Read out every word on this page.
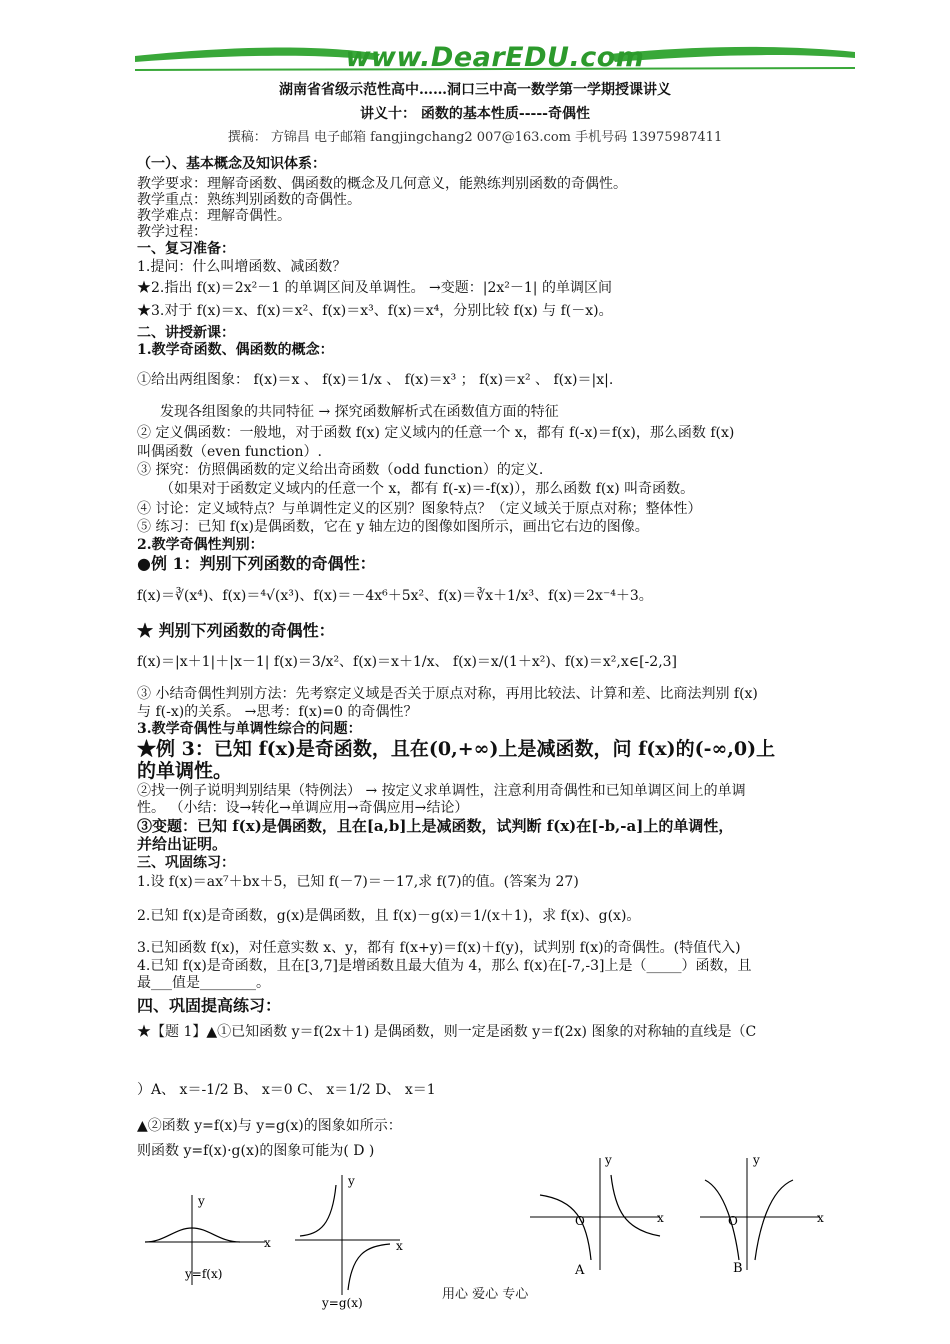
www.DearEDU.com
湖南省省级示范性高中……洞口三中高一数学第一学期授课讲义
讲义十： 函数的基本性质-----奇偶性
撰稿： 方锦昌 电子邮箱 fangjingchang2 007@163.com 手机号码 13975987411
（一）、基本概念及知识体系：
教学要求：理解奇函数、偶函数的概念及几何意义，能熟练判别函数的奇偶性。
教学重点：熟练判别函数的奇偶性。
教学难点：理解奇偶性。
教学过程：
一、复习准备：
1.提问：什么叫增函数、减函数？
★2.指出 f(x)＝2x²－1 的单调区间及单调性。 →变题：|2x²－1| 的单调区间
★3.对于 f(x)＝x、f(x)＝x²、f(x)＝x³、f(x)＝x⁴，分别比较 f(x) 与 f(－x)。
二、讲授新课：
1.教学奇函数、偶函数的概念：
①给出两组图象： f(x)＝x 、 f(x)＝1/x 、 f(x)＝x³ ； f(x)＝x² 、 f(x)＝|x|.
发现各组图象的共同特征 → 探究函数解析式在函数值方面的特征
② 定义偶函数：一般地，对于函数 f(x) 定义域内的任意一个 x，都有 f(-x)＝f(x)，那么函数 f(x)
叫偶函数（even function）.
③ 探究：仿照偶函数的定义给出奇函数（odd function）的定义.
（如果对于函数定义域内的任意一个 x，都有 f(-x)＝-f(x)），那么函数 f(x) 叫奇函数。
④ 讨论：定义域特点？与单调性定义的区别？图象特点？（定义域关于原点对称；整体性）
⑤ 练习：已知 f(x)是偶函数，它在 y 轴左边的图像如图所示，画出它右边的图像。
2.教学奇偶性判别：
●例 1：判别下列函数的奇偶性：
f(x)＝∛(x⁴)、f(x)＝⁴√(x³)、f(x)＝－4x⁶＋5x²、f(x)＝∛x＋1/x³、f(x)＝2x⁻⁴＋3。
★ 判别下列函数的奇偶性：
f(x)＝|x＋1|＋|x－1| f(x)＝3/x²、f(x)＝x＋1/x、 f(x)＝x/(1＋x²)、f(x)＝x²,x∈[-2,3]
③ 小结奇偶性判别方法：先考察定义域是否关于原点对称，再用比较法、计算和差、比商法判别 f(x)
与 f(-x)的关系。 →思考：f(x)=0 的奇偶性？
3.教学奇偶性与单调性综合的问题：
★例 3：已知 f(x)是奇函数，且在(0,+∞)上是减函数，问 f(x)的(-∞,0)上
的单调性。
②找一例子说明判别结果（特例法） → 按定义求单调性，注意利用奇偶性和已知单调区间上的单调
性。 （小结：设→转化→单调应用→奇偶应用→结论）
③变题：已知 f(x)是偶函数，且在[a,b]上是减函数，试判断 f(x)在[-b,-a]上的单调性，
并给出证明。
三、巩固练习：
1.设 f(x)＝ax⁷＋bx＋5，已知 f(－7)＝－17,求 f(7)的值。(答案为 27)
2.已知 f(x)是奇函数，g(x)是偶函数，且 f(x)－g(x)＝1/(x＋1)，求 f(x)、g(x)。
3.已知函数 f(x)，对任意实数 x、y，都有 f(x+y)＝f(x)＋f(y)，试判别 f(x)的奇偶性。(特值代入)
4.已知 f(x)是奇函数，且在[3,7]是增函数且最大值为 4，那么 f(x)在[-7,-3]上是（_____）函数，且
最___值是________。
四、巩固提高练习：
★【题 1】▲①已知函数 y＝f(2x＋1) 是偶函数，则一定是函数 y＝f(2x) 图象的对称轴的直线是（C
）A、 x＝-1/2 B、 x＝0 C、 x＝1/2 D、 x＝1
▲②函数 y=f(x)与 y=g(x)的图象如所示：
则函数 y=f(x)·g(x)的图象可能为( D )
y
x
y=f(x)
y
x
y=g(x)
y
x
O
A
y
x
O
B
用心 爱心 专心
